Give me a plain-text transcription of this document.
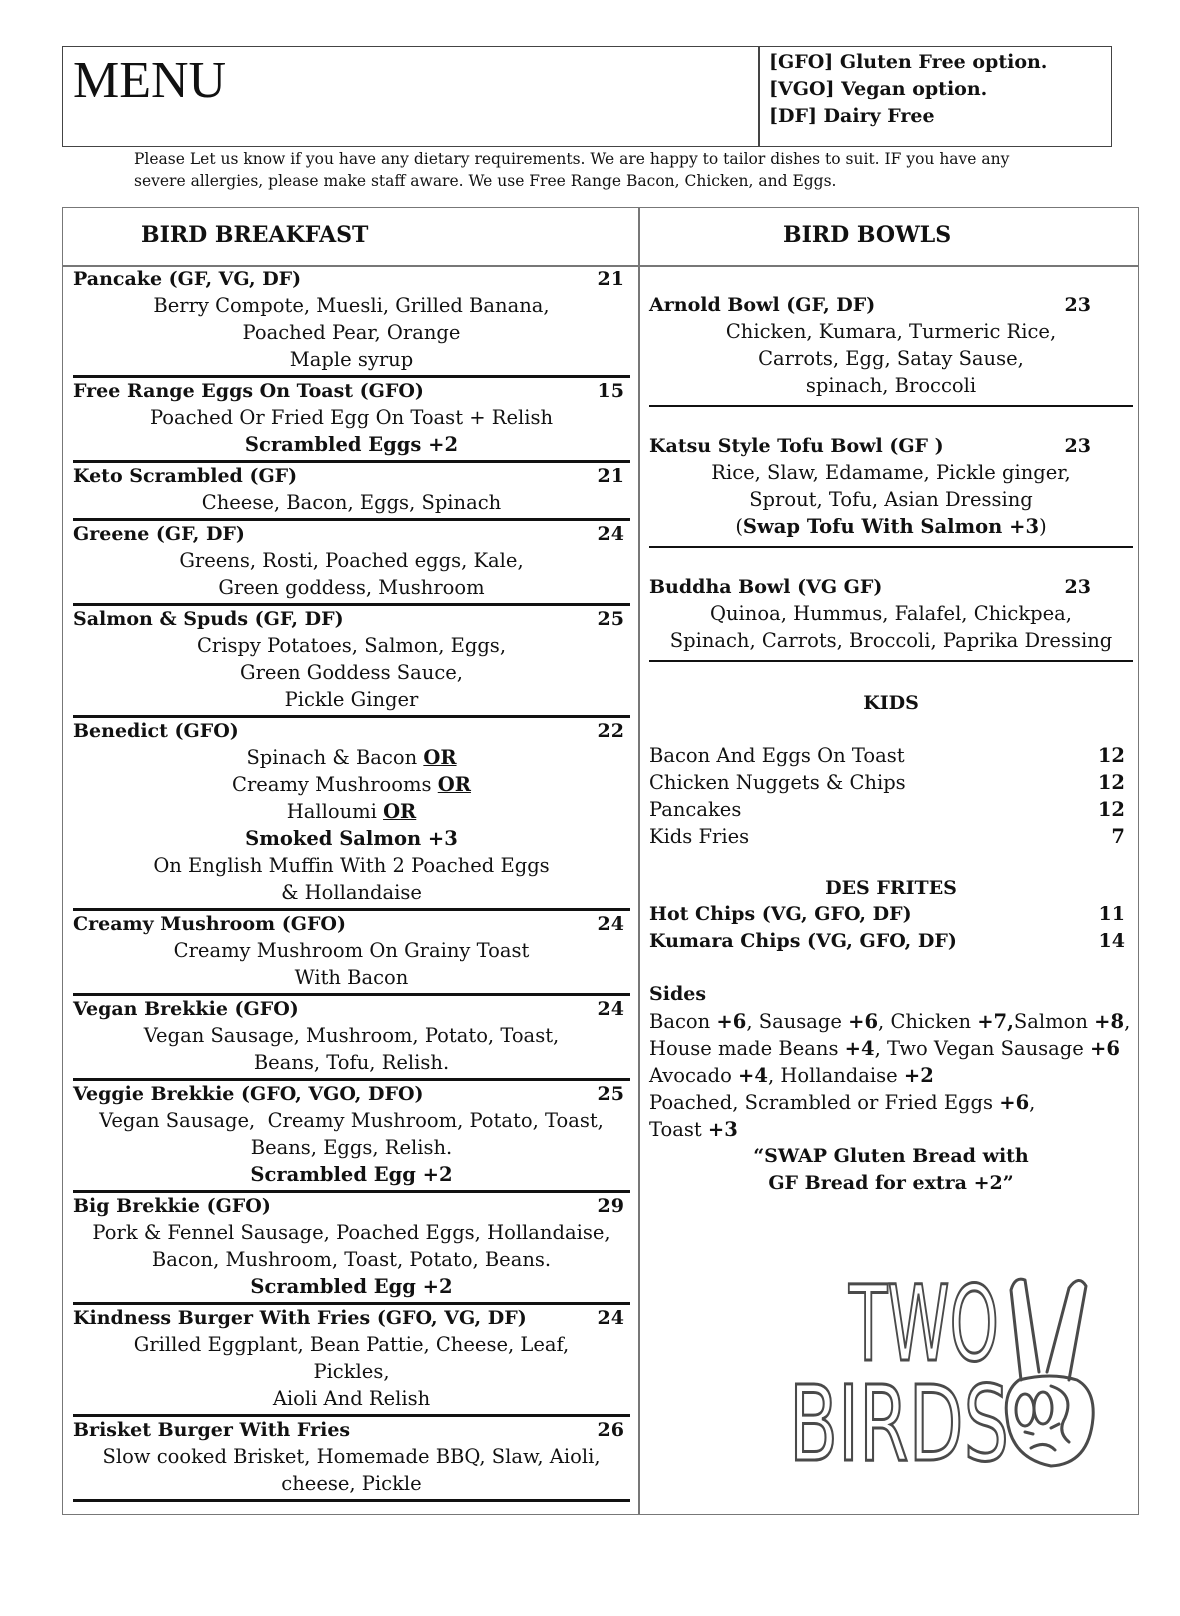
MENU	[GFO] Gluten Free option.
[VGO] Vegan option.
[DF] Dairy Free
Please Let us know if you have any dietary requirements. We are happy to tailor dishes to suit. IF you have any
severe allergies, please make staff aware. We use Free Range Bacon, Chicken, and Eggs.
BIRD BREAKFAST	BIRD BOWLS
Pancake (GF, VG, DF)	21
Berry Compote, Muesli, Grilled Banana,
Poached Pear, Orange
Maple syrup
Free Range Eggs On Toast (GFO)	15
Poached Or Fried Egg On Toast + Relish
Scrambled Eggs +2
Keto Scrambled (GF)	21
Cheese, Bacon, Eggs, Spinach
Greene (GF, DF)	24
Greens, Rosti, Poached eggs, Kale,
Green goddess, Mushroom
Salmon & Spuds (GF, DF)	25
Crispy Potatoes, Salmon, Eggs,
Green Goddess Sauce,
Pickle Ginger
Benedict (GFO)	22
Spinach & Bacon OR
Creamy Mushrooms OR
Halloumi OR
Smoked Salmon +3
On English Muffin With 2 Poached Eggs
& Hollandaise
Creamy Mushroom (GFO)	24
Creamy Mushroom On Grainy Toast
With Bacon
Vegan Brekkie (GFO)	24
Vegan Sausage, Mushroom, Potato, Toast,
Beans, Tofu, Relish.
Veggie Brekkie (GFO, VGO, DFO)	25
Vegan Sausage,  Creamy Mushroom, Potato, Toast,
Beans, Eggs, Relish.
Scrambled Egg +2
Big Brekkie (GFO)	29
Pork & Fennel Sausage, Poached Eggs, Hollandaise,
Bacon, Mushroom, Toast, Potato, Beans.
Scrambled Egg +2
Kindness Burger With Fries (GFO, VG, DF)	24
Grilled Eggplant, Bean Pattie, Cheese, Leaf,
Pickles,
Aioli And Relish
Brisket Burger With Fries	26
Slow cooked Brisket, Homemade BBQ, Slaw, Aioli,
cheese, Pickle
Arnold Bowl (GF, DF)	23
Chicken, Kumara, Turmeric Rice,
Carrots, Egg, Satay Sause,
spinach, Broccoli
Katsu Style Tofu Bowl (GF )	23
Rice, Slaw, Edamame, Pickle ginger,
Sprout, Tofu, Asian Dressing
(Swap Tofu With Salmon +3)
Buddha Bowl (VG GF)	23
Quinoa, Hummus, Falafel, Chickpea,
Spinach, Carrots, Broccoli, Paprika Dressing
KIDS
Bacon And Eggs On Toast	12
Chicken Nuggets & Chips	12
Pancakes	12
Kids Fries	7
DES FRITES
Hot Chips (VG, GFO, DF)	11
Kumara Chips (VG, GFO, DF)	14
Sides
Bacon +6, Sausage +6, Chicken +7,Salmon +8,
House made Beans +4, Two Vegan Sausage +6
Avocado +4, Hollandaise +2
Poached, Scrambled or Fried Eggs +6,
Toast +3
“SWAP Gluten Bread with
GF Bread for extra +2”
TWO
BIRDS
